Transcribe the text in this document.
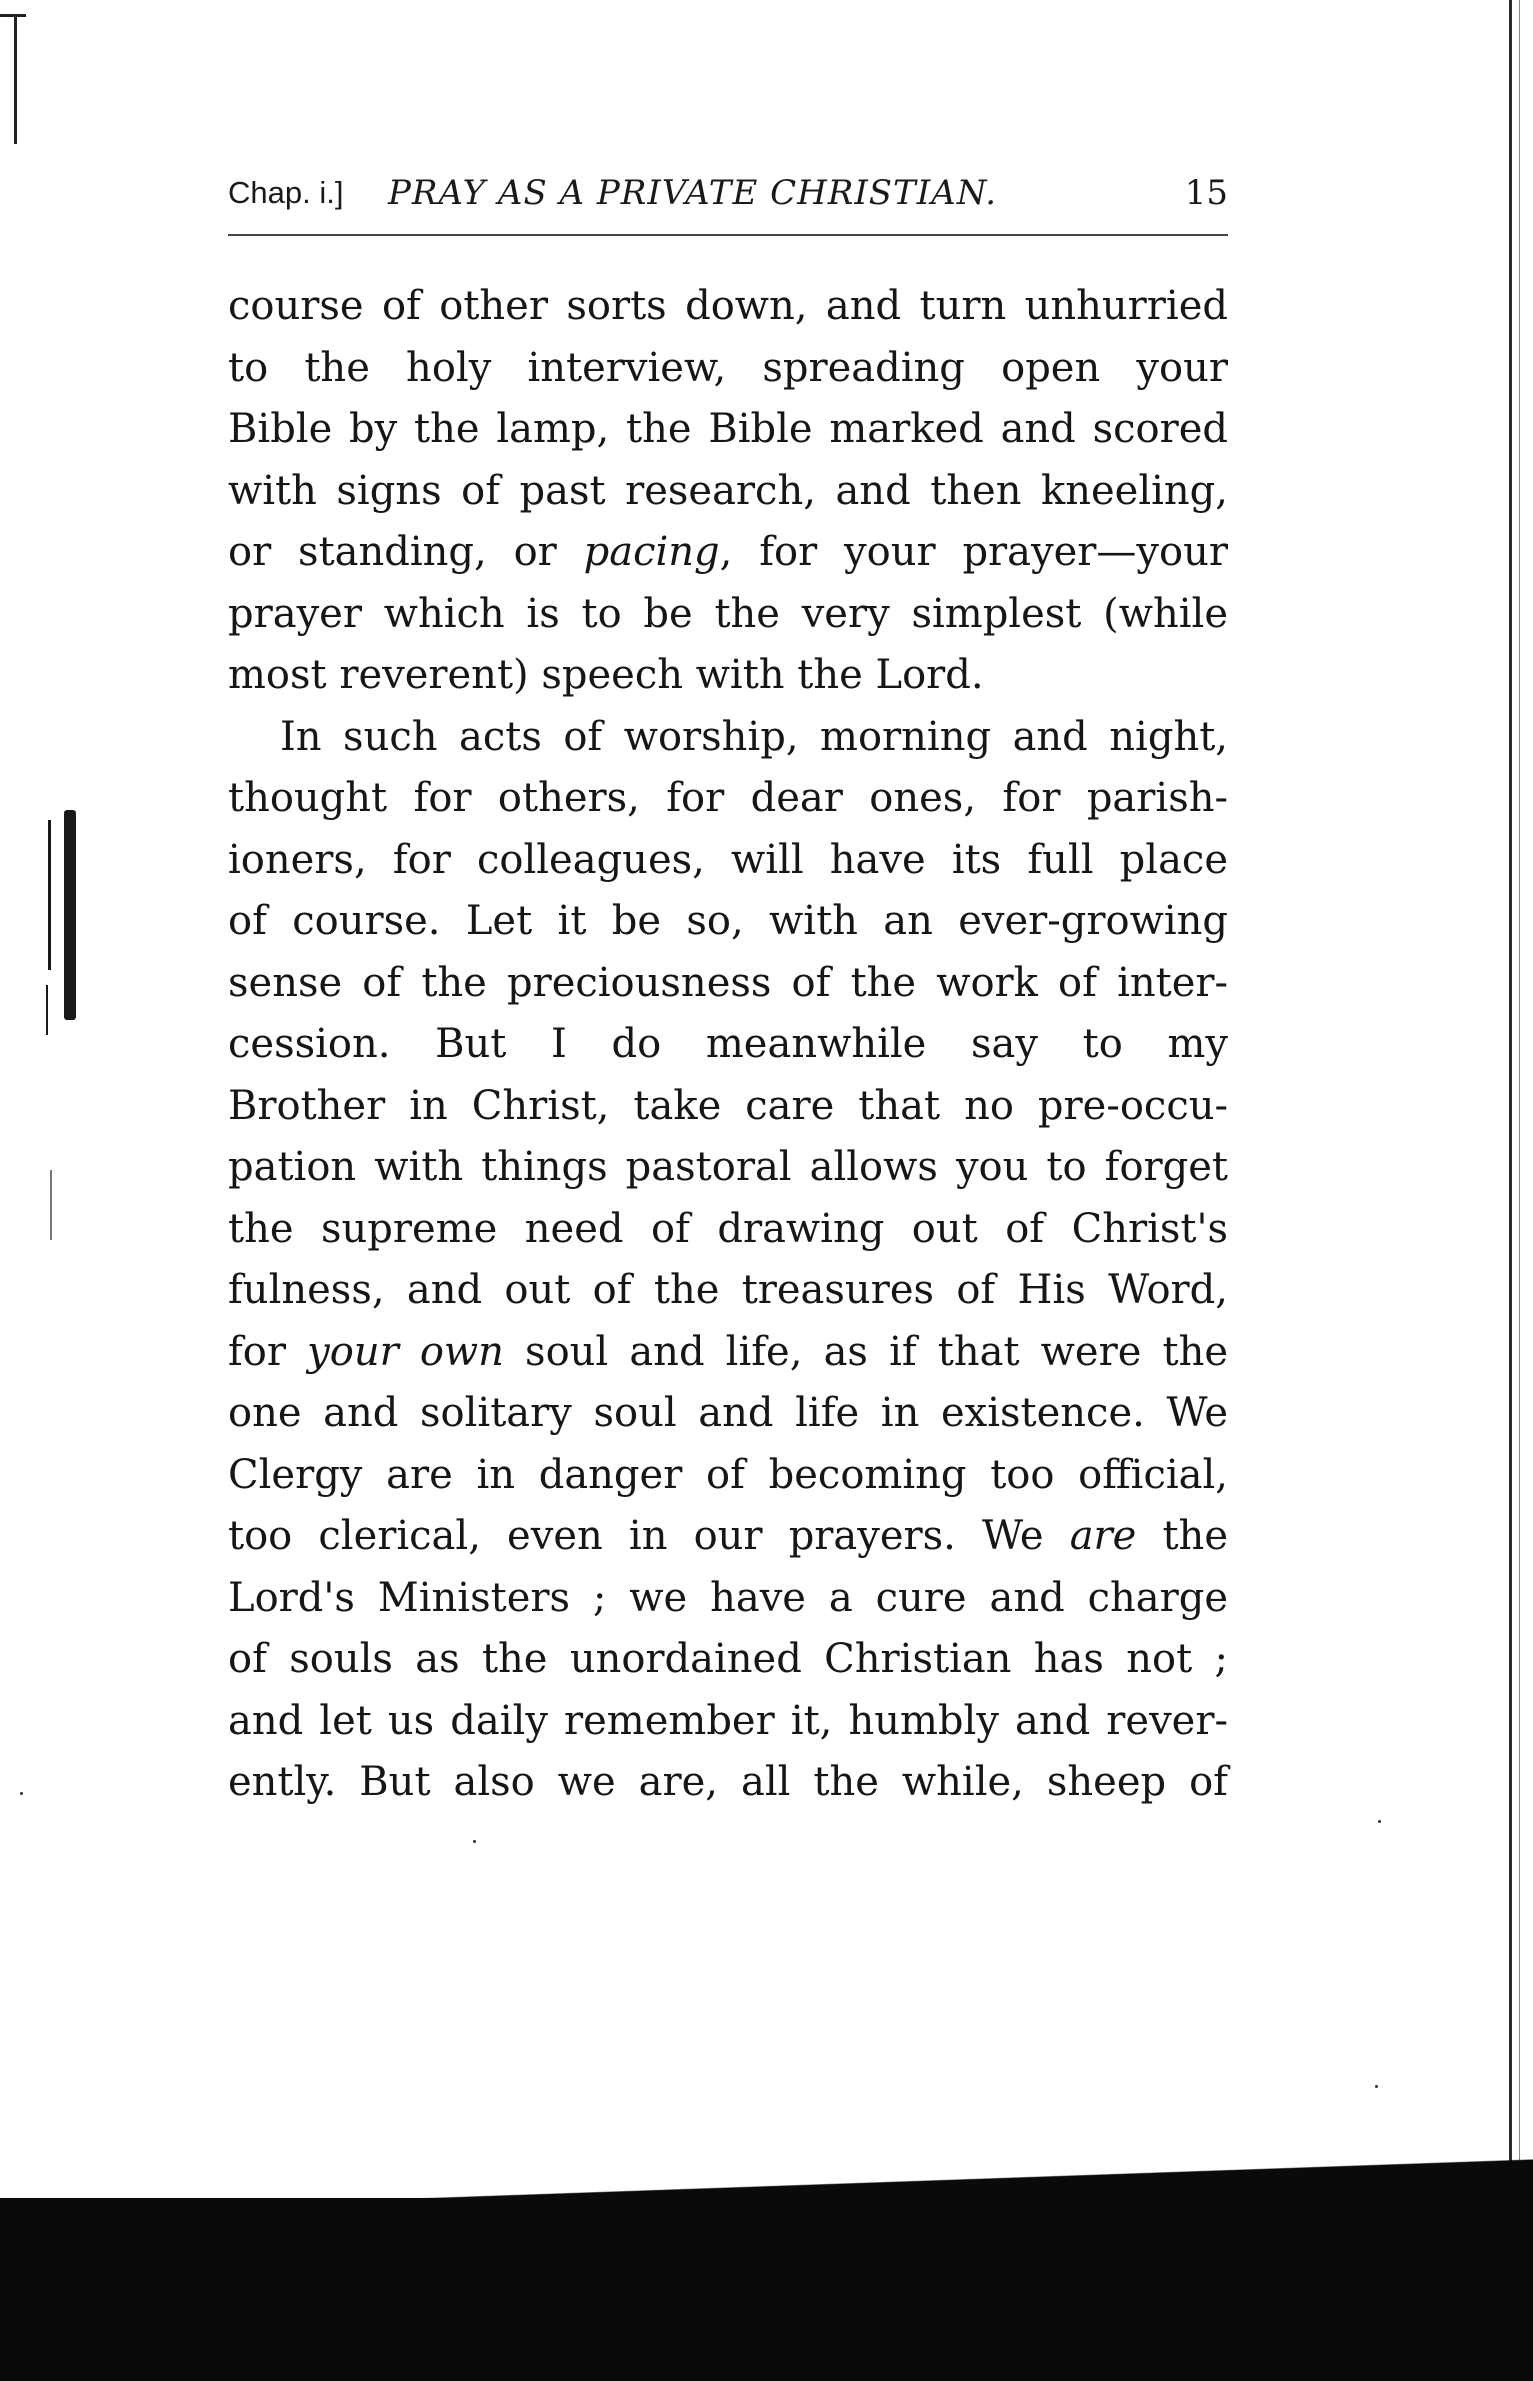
Chap. i.] PRAY AS A PRIVATE CHRISTIAN.	15
course of other sorts down, and turn unhurried
to the holy interview, spreading open your
Bible by the lamp, the Bible marked and scored
with signs of past research, and then kneeling,
or standing, or pacing, for your prayer—your
prayer which is to be the very simplest (while
most reverent) speech with the Lord.
In such acts of worship, morning and night,
thought for others, for dear ones, for parish-
ioners, for colleagues, will have its full place
of course. Let it be so, with an ever-growing
sense of the preciousness of the work of inter-
cession. But I do meanwhile say to my
Brother in Christ, take care that no pre-occu-
pation with things pastoral allows you to forget
the supreme need of drawing out of Christ's
fulness, and out of the treasures of His Word,
for your own soul and life, as if that were the
one and solitary soul and life in existence. We
Clergy are in danger of becoming too official,
too clerical, even in our prayers. We are the
Lord's Ministers ; we have a cure and charge
of souls as the unordained Christian has not ;
and let us daily remember it, humbly and rever-
ently. But also we are, all the while, sheep of
